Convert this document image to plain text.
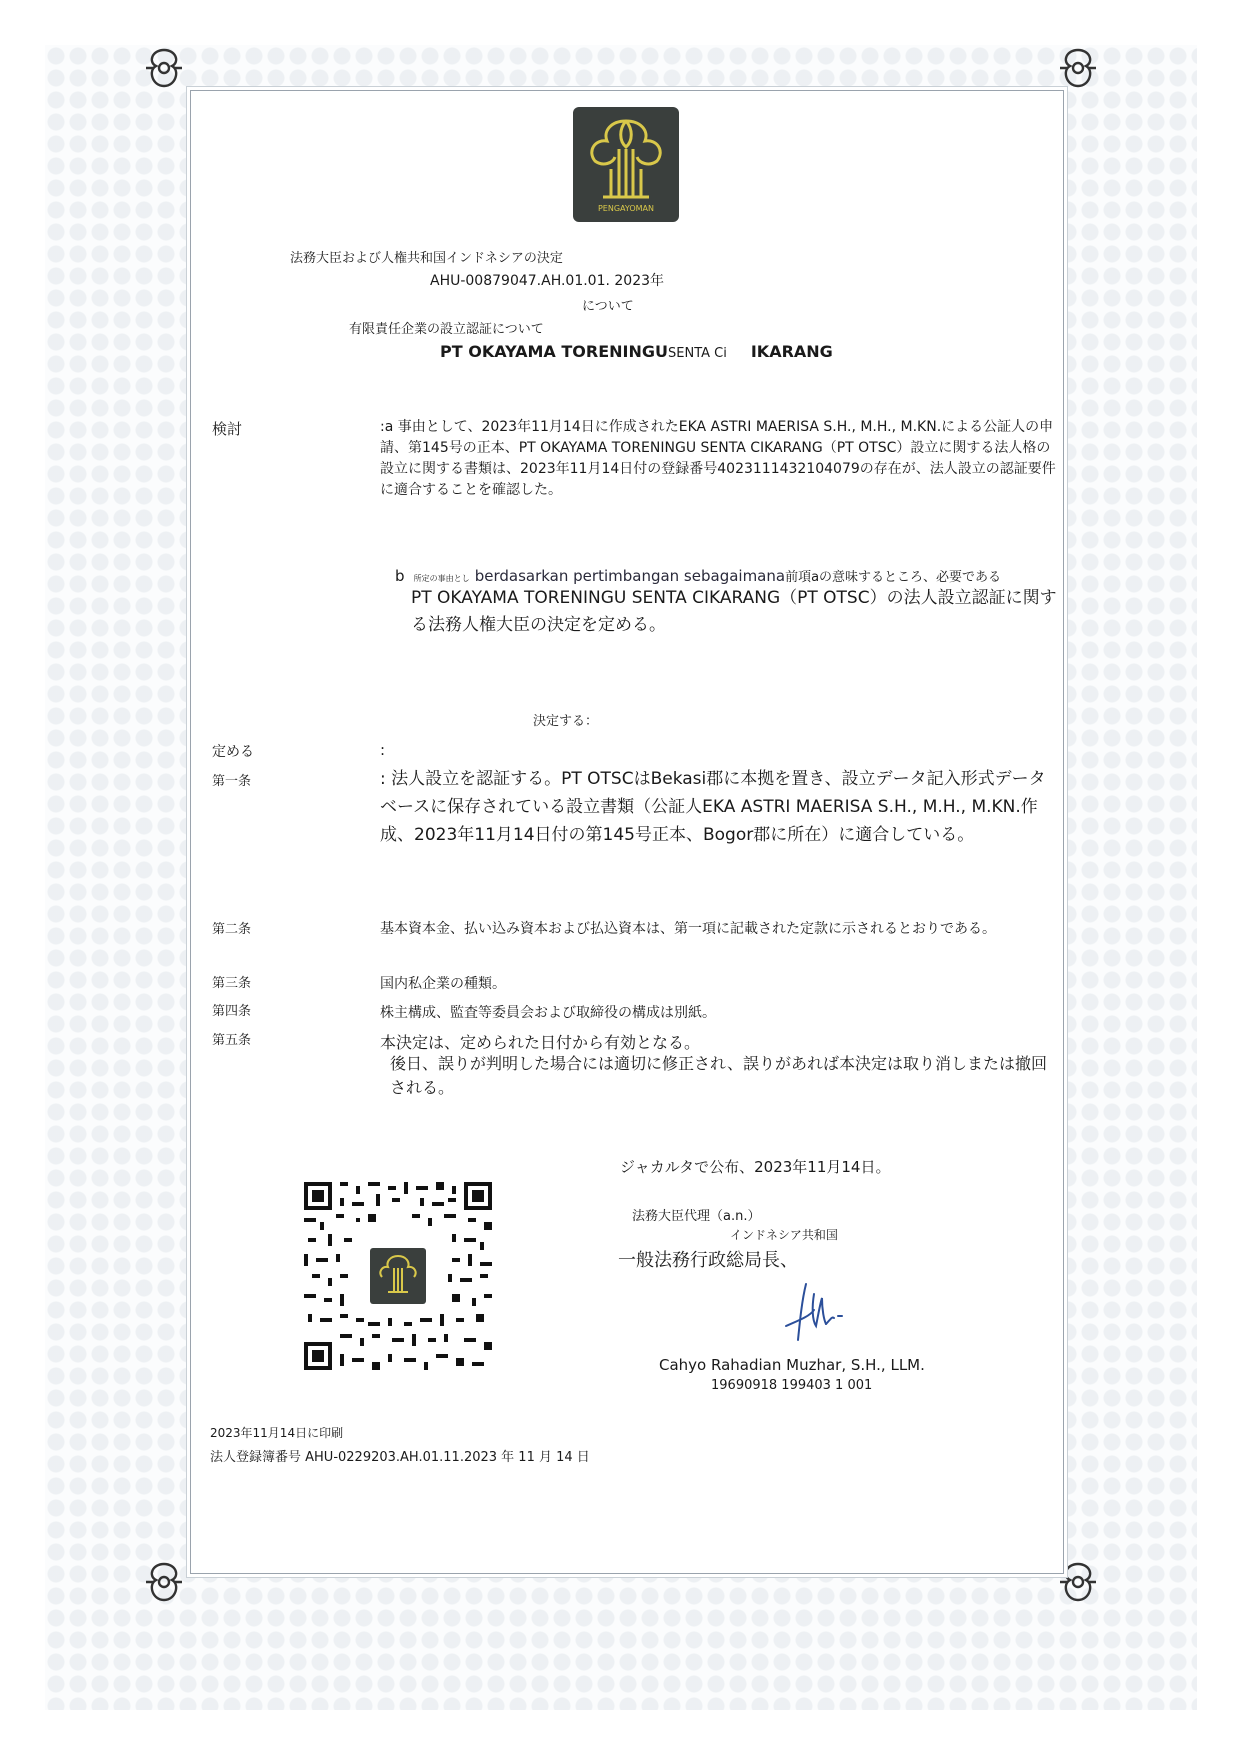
PENGAYOMAN
法務大臣および人権共和国インドネシアの決定
AHU-00879047.AH.01.01. 2023年
について
有限責任企業の設立認証について
PT OKAYAMA TORENINGUSENTA Ci IKARANG
検討	:a 事由として、2023年11月14日に作成されたEKA ASTRI MAERISA S.H., M.H., M.KN.による公証人の申請、第145号の正本、PT OKAYAMA TORENINGU SENTA CIKARANG（PT OTSC）設立に関する法人格の設立に関する書類は、2023年11月14日付の登録番号4023111432104079の存在が、法人設立の認証要件に適合することを確認した。
b 所定の事由とし berdasarkan pertimbangan sebagaimana前項aの意味するところ、必要である
PT OKAYAMA TORENINGU SENTA CIKARANG（PT OTSC）の法人設立認証に関する法務人権大臣の決定を定める。
決定する：
定める	:
第一条	: 法人設立を認証する。PT OTSCはBekasi郡に本拠を置き、設立データ記入形式データベースに保存されている設立書類（公証人EKA ASTRI MAERISA S.H., M.H., M.KN.作成、2023年11月14日付の第145号正本、Bogor郡に所在）に適合している。
第二条	基本資本金、払い込み資本および払込資本は、第一項に記載された定款に示されるとおりである。
第三条	国内私企業の種類。
第四条	株主構成、監査等委員会および取締役の構成は別紙。
第五条	本決定は、定められた日付から有効となる。
後日、誤りが判明した場合には適切に修正され、誤りがあれば本決定は取り消しまたは撤回される。
ジャカルタで公布、2023年11月14日。
法務大臣代理（a.n.）
インドネシア共和国
一般法務行政総局長、
Cahyo Rahadian Muzhar, S.H., LLM.
19690918 199403 1 001
2023年11月14日に印刷
法人登録簿番号 AHU-0229203.AH.01.11.2023 年 11 月 14 日
